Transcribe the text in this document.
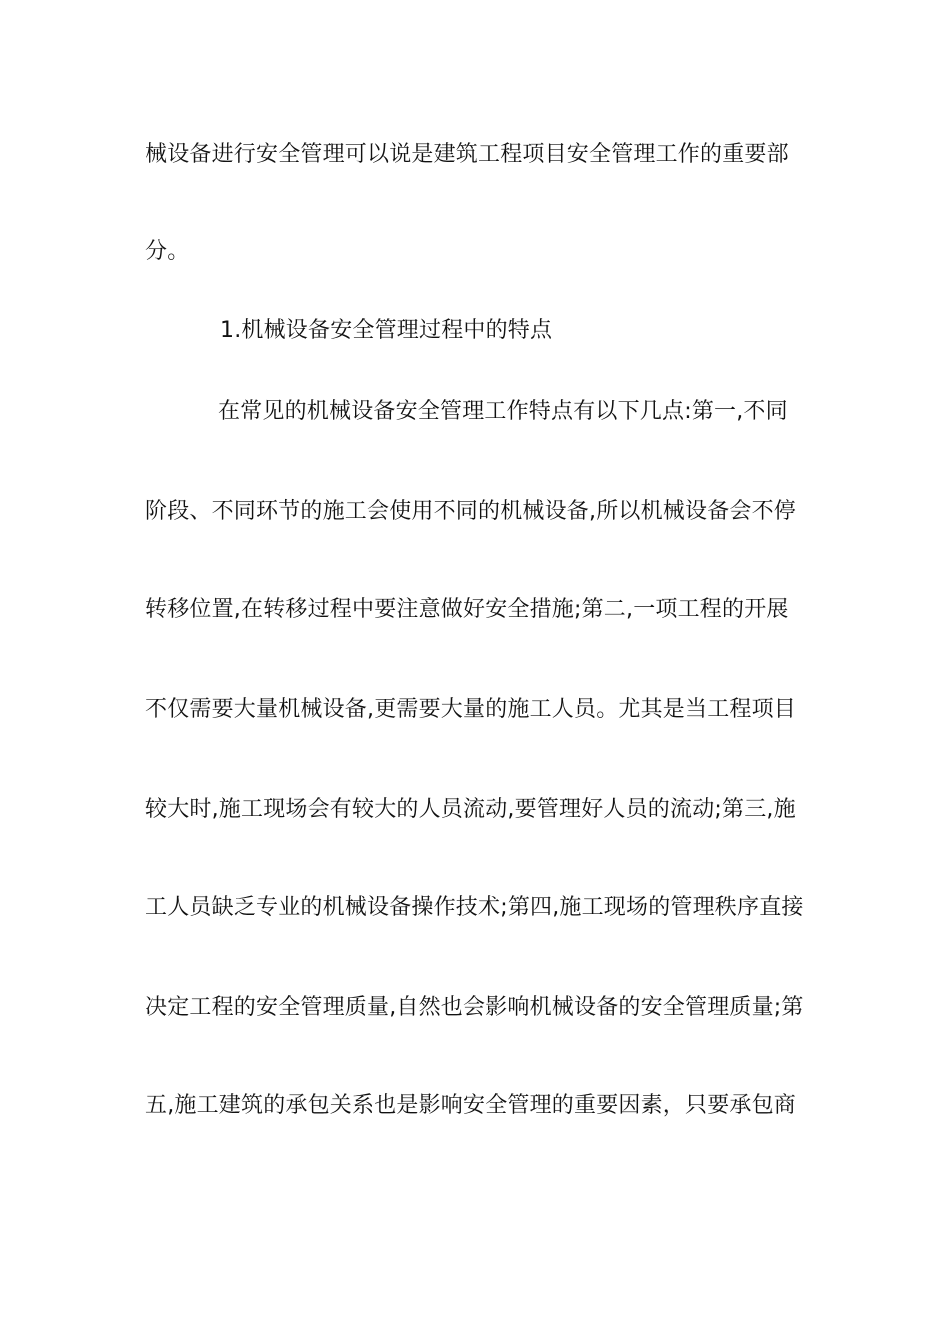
械设备进行安全管理可以说是建筑工程项目安全管理工作的重要部
分。
1.机械设备安全管理过程中的特点
在常见的机械设备安全管理工作特点有以下几点:第一,不同
阶段、不同环节的施工会使用不同的机械设备,所以机械设备会不停
转移位置,在转移过程中要注意做好安全措施;第二,一项工程的开展
不仅需要大量机械设备,更需要大量的施工人员。尤其是当工程项目
较大时,施工现场会有较大的人员流动,要管理好人员的流动;第三,施
工人员缺乏专业的机械设备操作技术;第四,施工现场的管理秩序直接
决定工程的安全管理质量,自然也会影响机械设备的安全管理质量;第
五,施工建筑的承包关系也是影响安全管理的重要因素，只要承包商
